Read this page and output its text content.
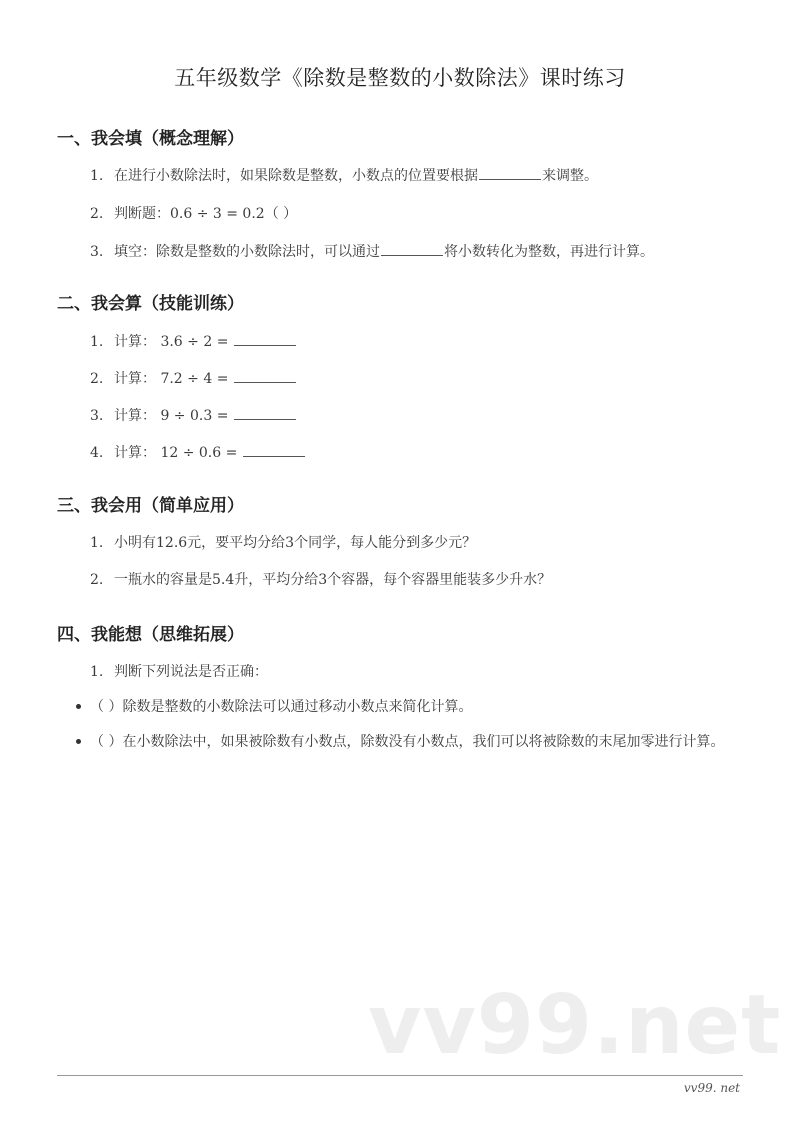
五年级数学《除数是整数的小数除法》课时练习
一、我会填（概念理解）
1. 在进行小数除法时，如果除数是整数，小数点的位置要根据	来调整。
2. 判断题：0.6 ÷ 3 = 0.2（ ）
3. 填空：除数是整数的小数除法时，可以通过	将小数转化为整数，再进行计算。
二、我会算（技能训练）
1. 计算： 3.6 ÷ 2 =
2. 计算： 7.2 ÷ 4 =
3. 计算： 9 ÷ 0.3 =
4. 计算： 12 ÷ 0.6 =
三、我会用（简单应用）
1. 小明有12.6元，要平均分给3个同学，每人能分到多少元？
2. 一瓶水的容量是5.4升，平均分给3个容器，每个容器里能装多少升水？
四、我能想（思维拓展）
1. 判断下列说法是否正确：
（ ）除数是整数的小数除法可以通过移动小数点来简化计算。
（ ）在小数除法中，如果被除数有小数点，除数没有小数点，我们可以将被除数的末尾加零进行计算。
vv99.net
vv99. net
